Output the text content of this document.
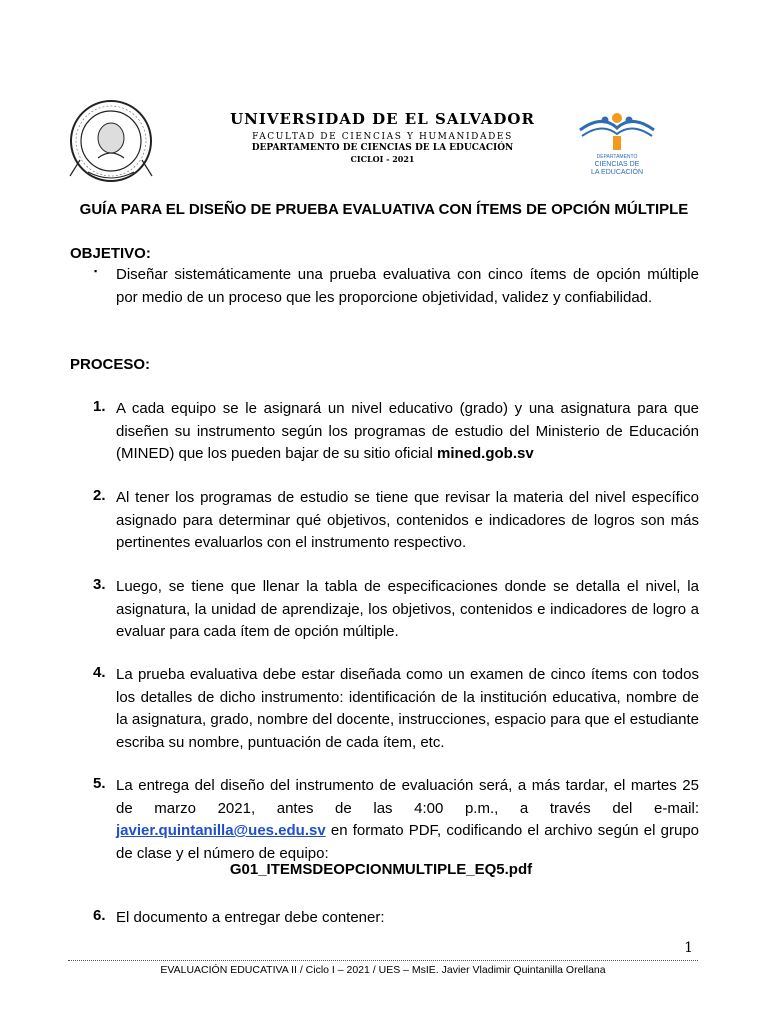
UNIVERSIDAD DE EL SALVADOR
FACULTAD DE CIENCIAS Y HUMANIDADES
DEPARTAMENTO DE CIENCIAS DE LA EDUCACIÓN
CICLOI - 2021	DEPARTAMENTO
CIENCIAS DE
LA EDUCACIÓN
GUÍA PARA EL DISEÑO DE PRUEBA EVALUATIVA CON ÍTEMS DE OPCIÓN MÚLTIPLE
OBJETIVO:
▪ Diseñar sistemáticamente una prueba evaluativa con cinco ítems de opción múltiple por medio de un proceso que les proporcione objetividad, validez y confiabilidad.
PROCESO:
1. A cada equipo se le asignará un nivel educativo (grado) y una asignatura para que diseñen su instrumento según los programas de estudio del Ministerio de Educación (MINED) que los pueden bajar de su sitio oficial mined.gob.sv
2. Al tener los programas de estudio se tiene que revisar la materia del nivel específico asignado para determinar qué objetivos, contenidos e indicadores de logros son más pertinentes evaluarlos con el instrumento respectivo.
3. Luego, se tiene que llenar la tabla de especificaciones donde se detalla el nivel, la asignatura, la unidad de aprendizaje, los objetivos, contenidos e indicadores de logro a evaluar para cada ítem de opción múltiple.
4. La prueba evaluativa debe estar diseñada como un examen de cinco ítems con todos los detalles de dicho instrumento: identificación de la institución educativa, nombre de la asignatura, grado, nombre del docente, instrucciones, espacio para que el estudiante escriba su nombre, puntuación de cada ítem, etc.
5. La entrega del diseño del instrumento de evaluación será, a más tardar, el martes 25 de marzo 2021, antes de las 4:00 p.m., a través del e-mail: javier.quintanilla@ues.edu.sv en formato PDF, codificando el archivo según el grupo de clase y el número de equipo:
G01_ITEMSDEOPCIONMULTIPLE_EQ5.pdf
6. El documento a entregar debe contener:
1
EVALUACIÓN EDUCATIVA II / Ciclo I – 2021 / UES – MsIE. Javier Vladimir Quintanilla Orellana
